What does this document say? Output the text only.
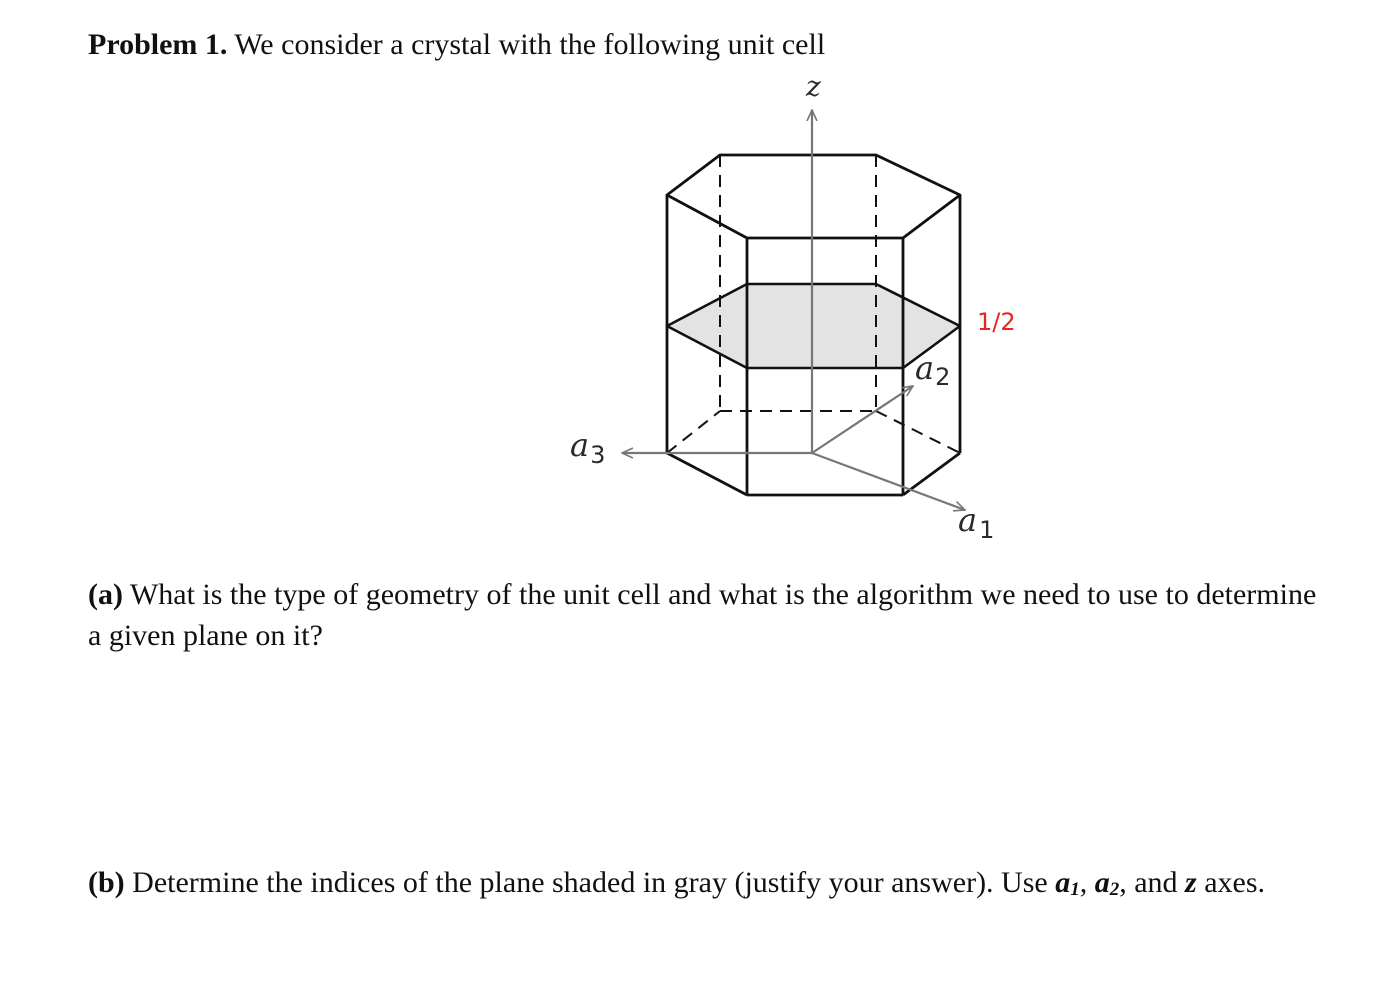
Problem 1. We consider a crystal with the following unit cell

z
a2
$a_3$
$a_1$
1/2

(a) What is the type of geometry of the unit cell and what is the algorithm we need to use to determine a given plane on it?

(b) Determine the indices of the plane shaded in gray (justify your answer). Use $a_1$, $a_2$, and z axes.
